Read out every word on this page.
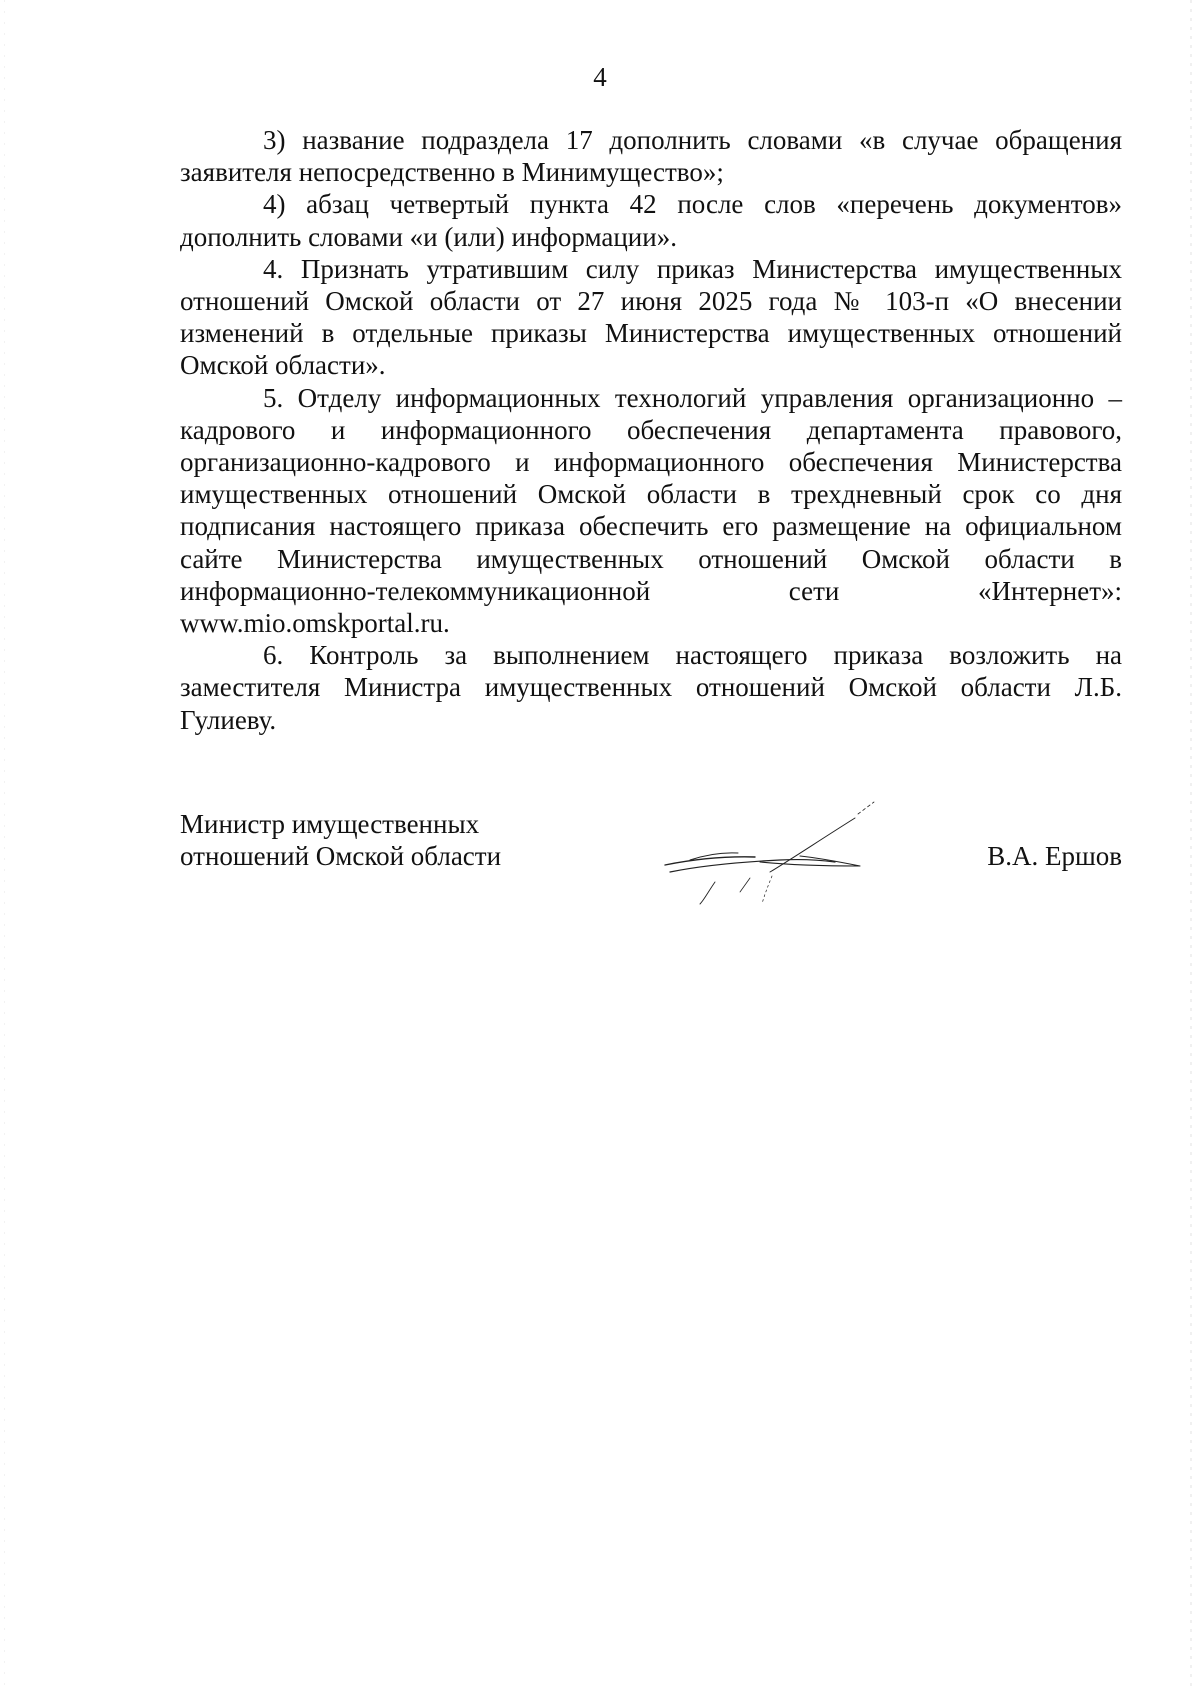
4

3) название подраздела 17 дополнить словами «в случае обращения заявителя непосредственно в Минимущество»;

4) абзац четвертый пункта 42 после слов «перечень документов» дополнить словами «и (или) информации».

4. Признать утратившим силу приказ Министерства имущественных отношений Омской области от 27 июня 2025 года № 103-п «О внесении изменений в отдельные приказы Министерства имущественных отношений Омской области».

5. Отделу информационных технологий управления организационно – кадрового и информационного обеспечения департамента правового, организационно-кадрового и информационного обеспечения Министерства имущественных отношений Омской области в трехдневный срок со дня подписания настоящего приказа обеспечить его размещение на официальном сайте Министерства имущественных отношений Омской области в информационно-телекоммуникационной сети «Интернет»: www.mio.omskportal.ru.

6. Контроль за выполнением настоящего приказа возложить на заместителя Министра имущественных отношений Омской области Л.Б. Гулиеву.

Министр имущественных
отношений Омской области	В.А. Ершов
